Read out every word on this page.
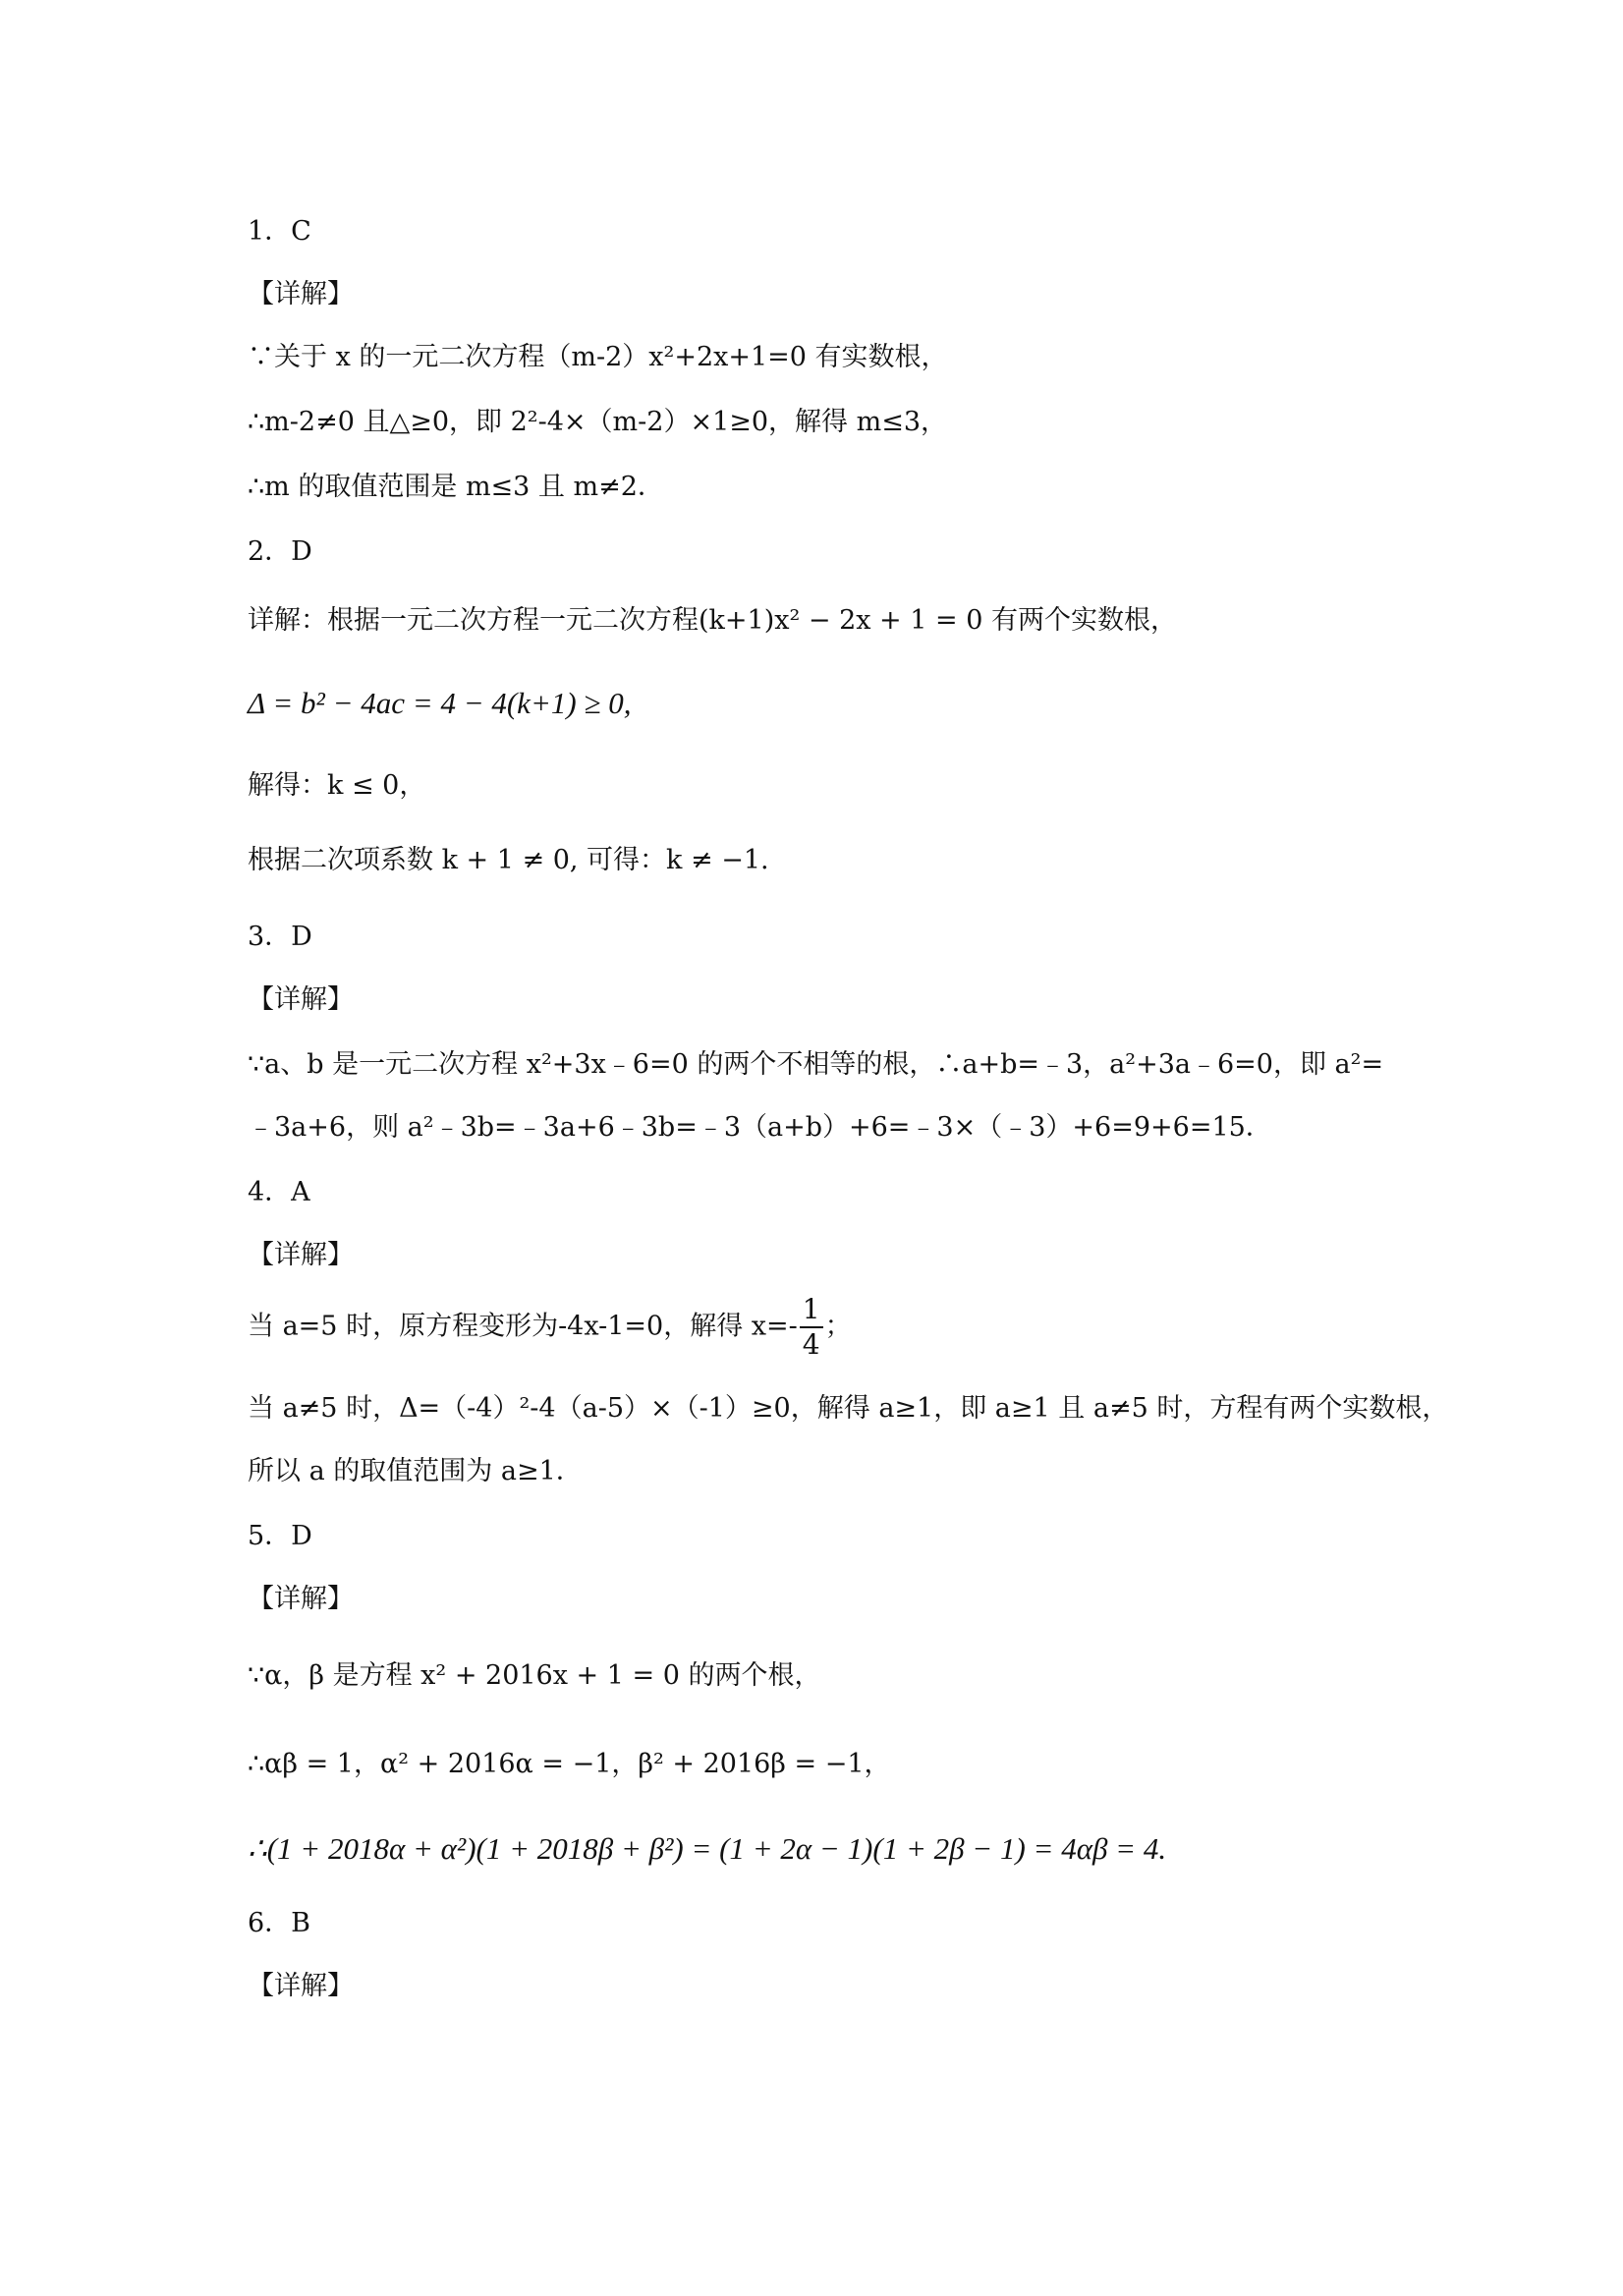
1．C
【详解】
∵关于 x 的一元二次方程（m-2）x²+2x+1=0 有实数根，
∴m-2≠0 且△≥0，即 2²-4×（m-2）×1≥0，解得 m≤3，
∴m 的取值范围是 m≤3 且 m≠2．
2．D
详解：根据一元二次方程一元二次方程(k+1)x² − 2x + 1 = 0 有两个实数根，
Δ = b² − 4ac = 4 − 4(k+1) ≥ 0,
解得：k ≤ 0，
根据二次项系数 k + 1 ≠ 0, 可得：k ≠ −1.
3．D
【详解】
∵a、b 是一元二次方程 x²+3x﹣6=0 的两个不相等的根，∴a+b=﹣3，a²+3a﹣6=0，即 a²=﹣3a+6，则 a²﹣3b=﹣3a+6﹣3b=﹣3（a+b）+6=﹣3×（﹣3）+6=9+6=15．
4．A
【详解】
当 a=5 时，原方程变形为-4x-1=0，解得 $x=- \frac{1}{4}$ ；
当 a≠5 时，Δ=（-4）²-4（a-5）×（-1）≥0，解得 a≥1，即 a≥1 且 a≠5 时，方程有两个实数根，
所以 a 的取值范围为 a≥1．
5．D
【详解】
∵α，β 是方程 x² + 2016x + 1 = 0 的两个根，
∴αβ = 1，α² + 2016α = −1，β² + 2016β = −1，
∴(1 + 2018α + α²)(1 + 2018β + β²) = (1 + 2α − 1)(1 + 2β − 1) = 4αβ = 4.
6．B
【详解】
